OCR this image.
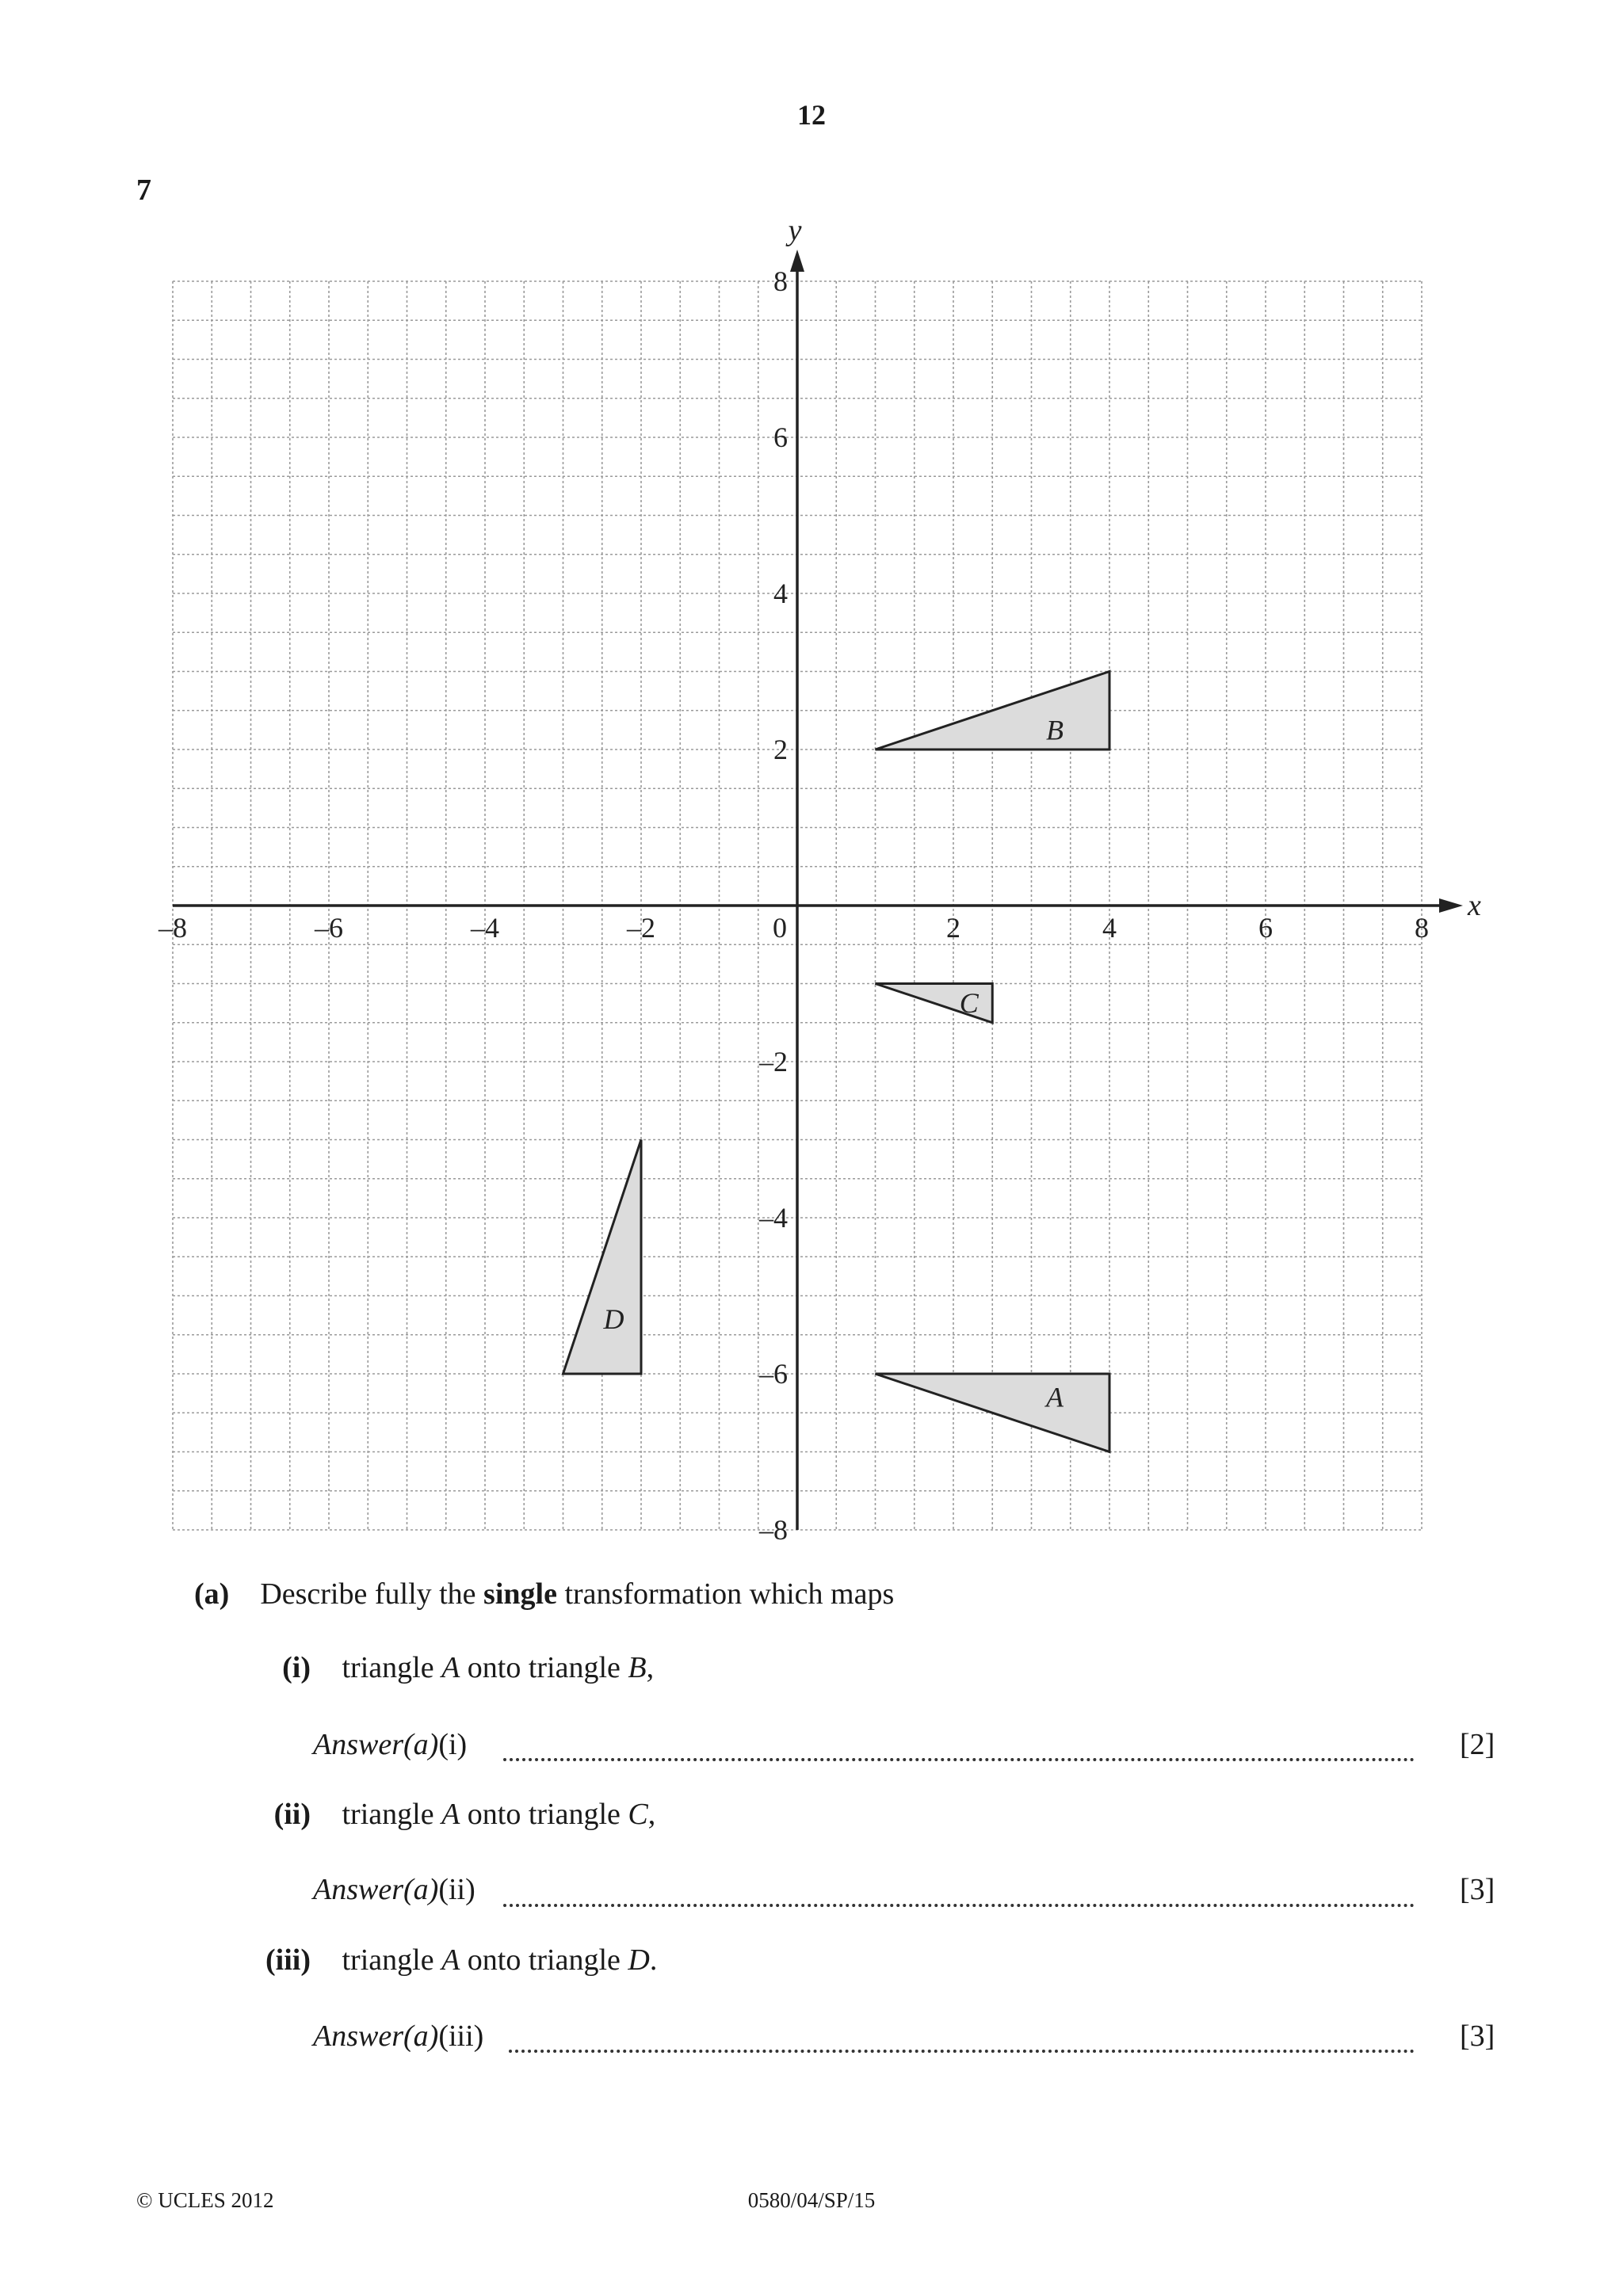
12
7
A
B
C
D
x
y
–8	–6	–4	–2	0	2	4	6	8
8
6
4
2
–2
–4
–6
–8
(a) Describe fully the single transformation which maps
(i) triangle A onto triangle B,
Answer(a)(i)	[2]
(ii) triangle A onto triangle C,
Answer(a)(ii)	[3]
(iii) triangle A onto triangle D.
Answer(a)(iii)	[3]
© UCLES 2012	0580/04/SP/15
